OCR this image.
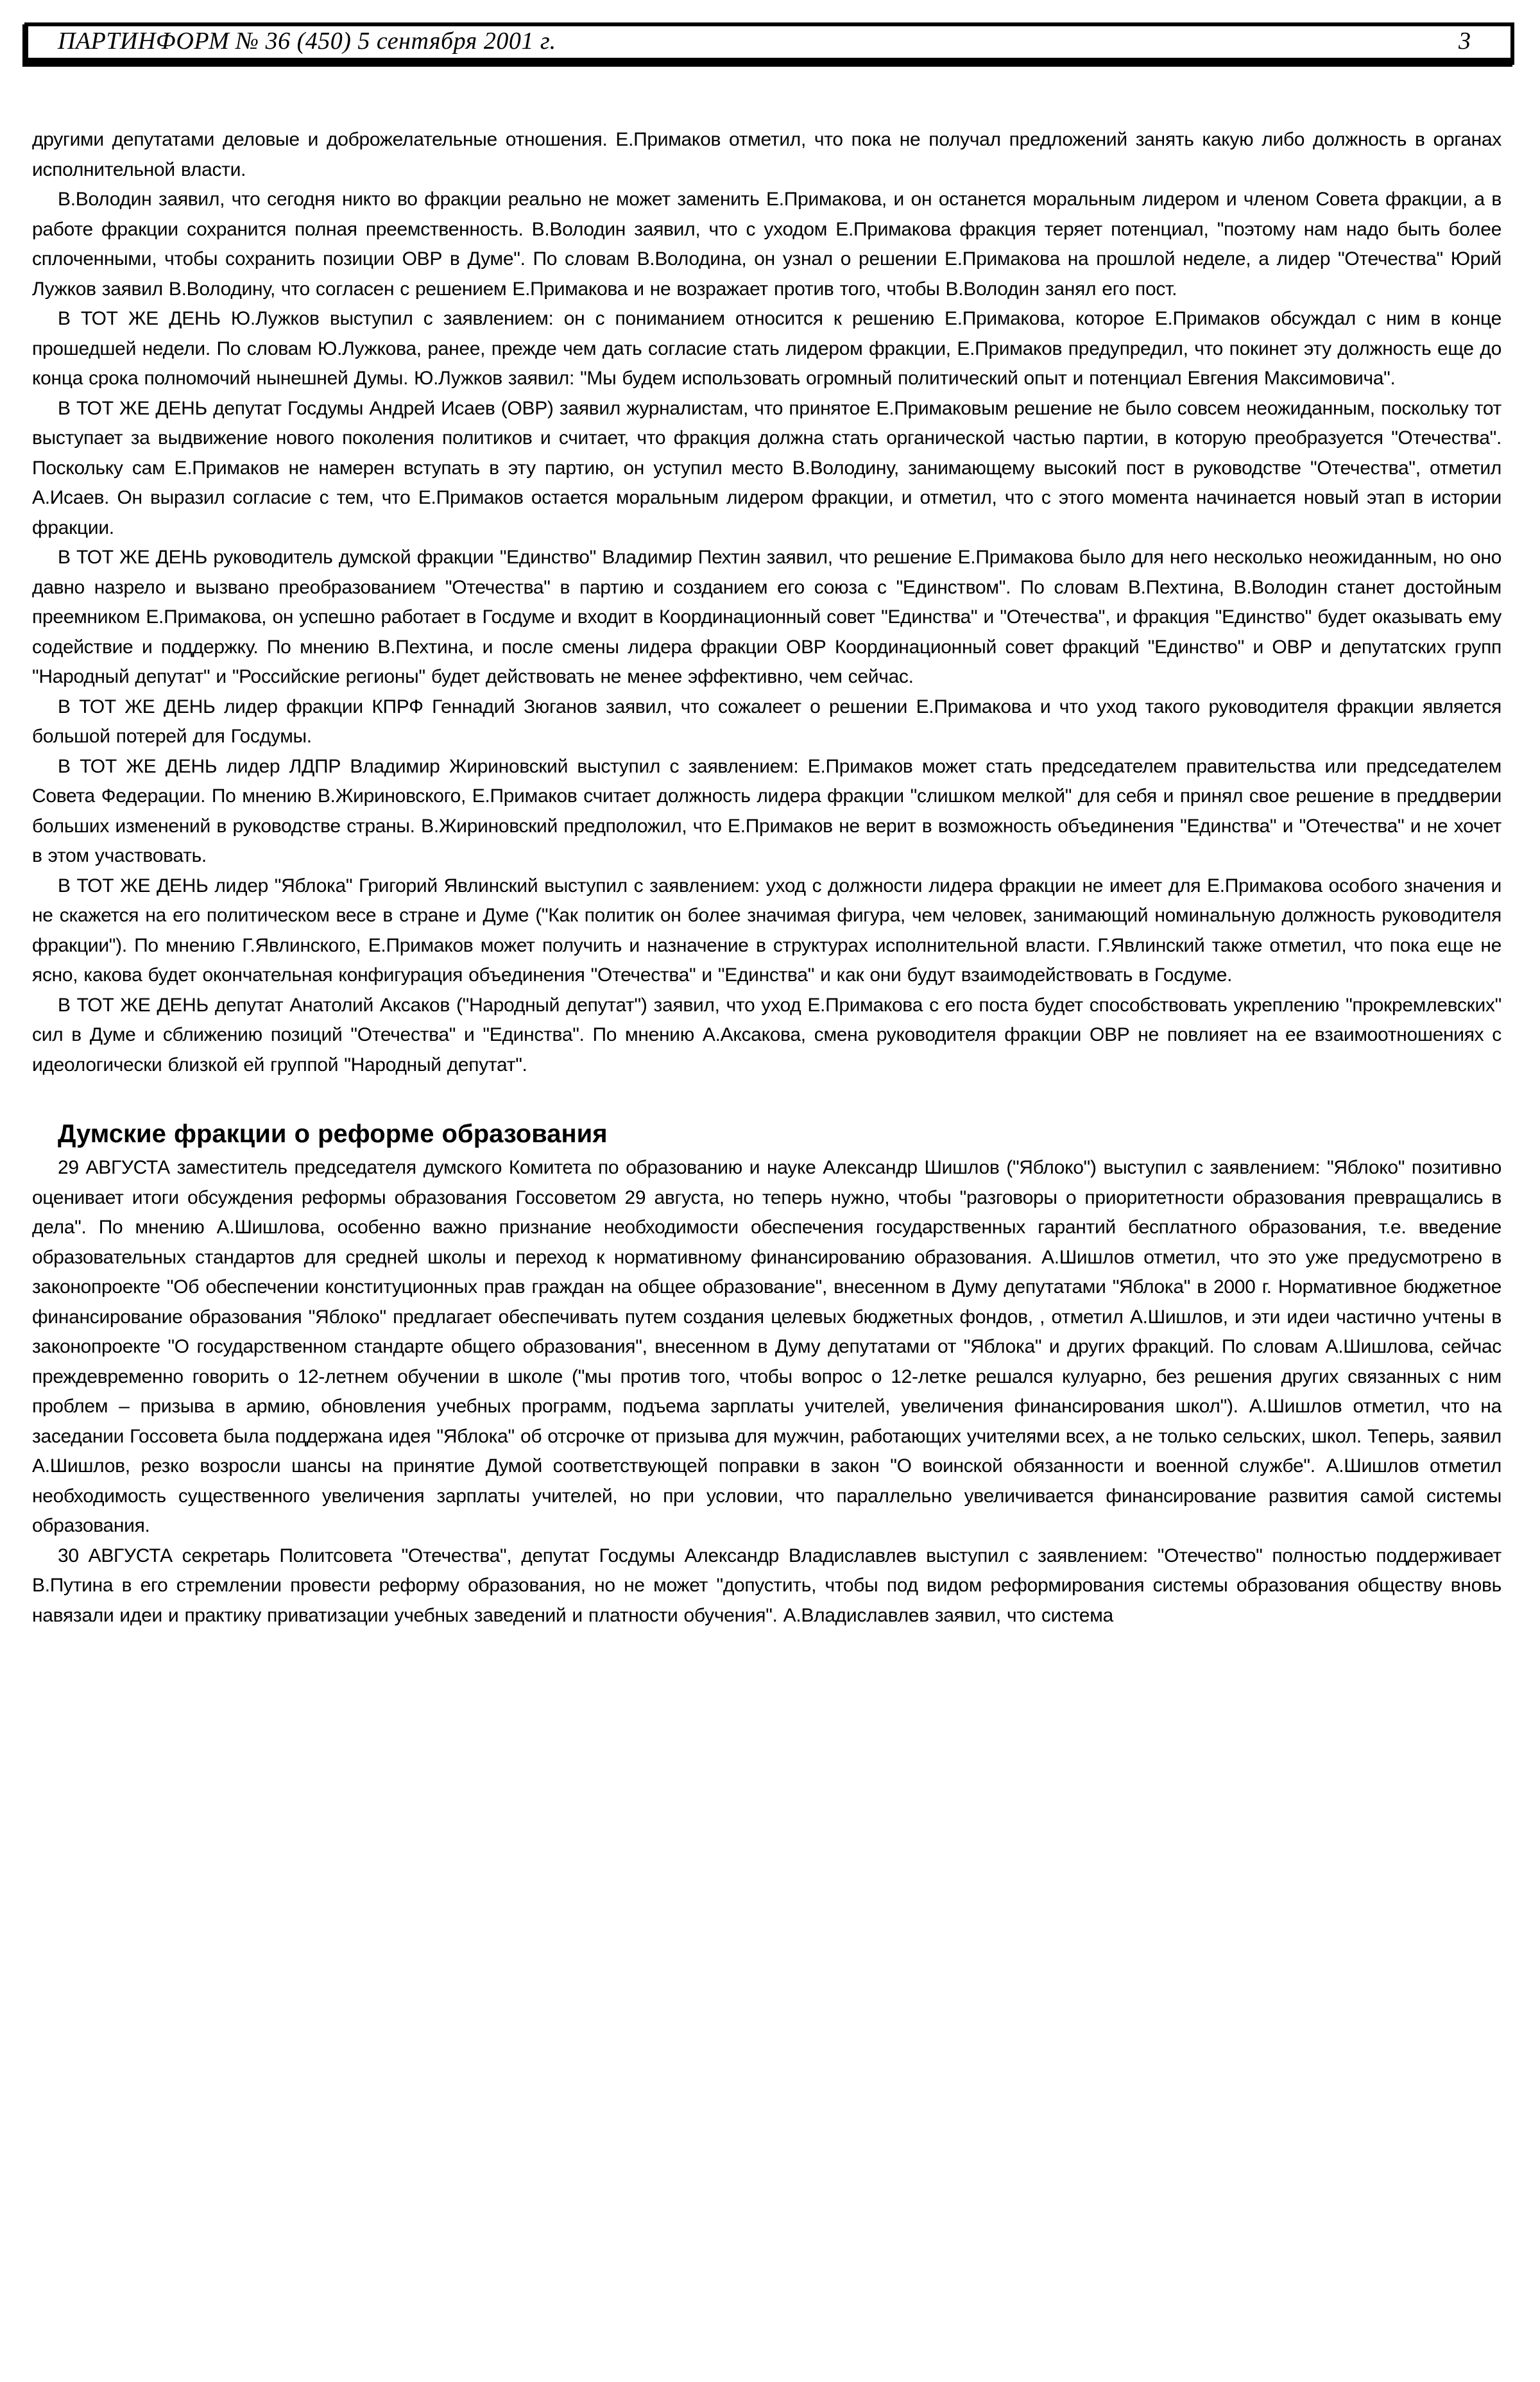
ПАРТИНФОРМ № 36 (450) 5 сентября 2001 г.	3

другими депутатами деловые и доброжелательные отношения. Е.Примаков отметил, что пока не получал предложений занять какую либо должность в органах исполнительной власти.

В.Володин заявил, что сегодня никто во фракции реально не может заменить Е.Примакова, и он останется моральным лидером и членом Совета фракции, а в работе фракции сохранится полная преемственность. В.Володин заявил, что с уходом Е.Примакова фракция теряет потенциал, "поэтому нам надо быть более сплоченными, чтобы сохранить позиции ОВР в Думе". По словам В.Володина, он узнал о решении Е.Примакова на прошлой неделе, а лидер "Отечества" Юрий Лужков заявил В.Володину, что согласен с решением Е.Примакова и не возражает против того, чтобы В.Володин занял его пост.

В ТОТ ЖЕ ДЕНЬ Ю.Лужков выступил с заявлением: он с пониманием относится к решению Е.Примакова, которое Е.Примаков обсуждал с ним в конце прошедшей недели. По словам Ю.Лужкова, ранее, прежде чем дать согласие стать лидером фракции, Е.Примаков предупредил, что покинет эту должность еще до конца срока полномочий нынешней Думы. Ю.Лужков заявил: "Мы будем использовать огромный политический опыт и потенциал Евгения Максимовича".

В ТОТ ЖЕ ДЕНЬ депутат Госдумы Андрей Исаев (ОВР) заявил журналистам, что принятое Е.Примаковым решение не было совсем неожиданным, поскольку тот выступает за выдвижение нового поколения политиков и считает, что фракция должна стать органической частью партии, в которую преобразуется "Отечества". Поскольку сам Е.Примаков не намерен вступать в эту партию, он уступил место В.Володину, занимающему высокий пост в руководстве "Отечества", отметил А.Исаев. Он выразил согласие с тем, что Е.Примаков остается моральным лидером фракции, и отметил, что с этого момента начинается новый этап в истории фракции.

В ТОТ ЖЕ ДЕНЬ руководитель думской фракции "Единство" Владимир Пехтин заявил, что решение Е.Примакова было для него несколько неожиданным, но оно давно назрело и вызвано преобразованием "Отечества" в партию и созданием его союза с "Единством". По словам В.Пехтина, В.Володин станет достойным преемником Е.Примакова, он успешно работает в Госдуме и входит в Координационный совет "Единства" и "Отечества", и фракция "Единство" будет оказывать ему содействие и поддержку. По мнению В.Пехтина, и после смены лидера фракции ОВР Координационный совет фракций "Единство" и ОВР и депутатских групп "Народный депутат" и "Российские регионы" будет действовать не менее эффективно, чем сейчас.

В ТОТ ЖЕ ДЕНЬ лидер фракции КПРФ Геннадий Зюганов заявил, что сожалеет о решении Е.Примакова и что уход такого руководителя фракции является большой потерей для Госдумы.

В ТОТ ЖЕ ДЕНЬ лидер ЛДПР Владимир Жириновский выступил с заявлением: Е.Примаков может стать председателем правительства или председателем Совета Федерации. По мнению В.Жириновского, Е.Примаков считает должность лидера фракции "слишком мелкой" для себя и принял свое решение в преддверии больших изменений в руководстве страны. В.Жириновский предположил, что Е.Примаков не верит в возможность объединения "Единства" и "Отечества" и не хочет в этом участвовать.

В ТОТ ЖЕ ДЕНЬ лидер "Яблока" Григорий Явлинский выступил с заявлением: уход с должности лидера фракции не имеет для Е.Примакова особого значения и не скажется на его политическом весе в стране и Думе ("Как политик он более значимая фигура, чем человек, занимающий номинальную должность руководителя фракции"). По мнению Г.Явлинского, Е.Примаков может получить и назначение в структурах исполнительной власти. Г.Явлинский также отметил, что пока еще не ясно, какова будет окончательная конфигурация объединения "Отечества" и "Единства" и как они будут взаимодействовать в Госдуме.

В ТОТ ЖЕ ДЕНЬ депутат Анатолий Аксаков ("Народный депутат") заявил, что уход Е.Примакова с его поста будет способствовать укреплению "прокремлевских" сил в Думе и сближению позиций "Отечества" и "Единства". По мнению А.Аксакова, смена руководителя фракции ОВР не повлияет на ее взаимоотношениях с идеологически близкой ей группой "Народный депутат".

Думские фракции о реформе образования

29 АВГУСТА заместитель председателя думского Комитета по образованию и науке Александр Шишлов ("Яблоко") выступил с заявлением: "Яблоко" позитивно оценивает итоги обсуждения реформы образования Госсоветом 29 августа, но теперь нужно, чтобы "разговоры о приоритетности образования превращались в дела". По мнению А.Шишлова, особенно важно признание необходимости обеспечения государственных гарантий бесплатного образования, т.е. введение образовательных стандартов для средней школы и переход к нормативному финансированию образования. А.Шишлов отметил, что это уже предусмотрено в законопроекте "Об обеспечении конституционных прав граждан на общее образование", внесенном в Думу депутатами "Яблока" в 2000 г. Нормативное бюджетное финансирование образования "Яблоко" предлагает обеспечивать путем создания целевых бюджетных фондов, , отметил А.Шишлов, и эти идеи частично учтены в законопроекте "О государственном стандарте общего образования", внесенном в Думу депутатами от "Яблока" и других фракций. По словам А.Шишлова, сейчас преждевременно говорить о 12-летнем обучении в школе ("мы против того, чтобы вопрос о 12-летке решался кулуарно, без решения других связанных с ним проблем – призыва в армию, обновления учебных программ, подъема зарплаты учителей, увеличения финансирования школ"). А.Шишлов отметил, что на заседании Госсовета была поддержана идея "Яблока" об отсрочке от призыва для мужчин, работающих учителями всех, а не только сельских, школ. Теперь, заявил А.Шишлов, резко возросли шансы на принятие Думой соответствующей поправки в закон "О воинской обязанности и военной службе". А.Шишлов отметил необходимость существенного увеличения зарплаты учителей, но при условии, что параллельно увеличивается финансирование развития самой системы образования.

30 АВГУСТА секретарь Политсовета "Отечества", депутат Госдумы Александр Владиславлев выступил с заявлением: "Отечество" полностью поддерживает В.Путина в его стремлении провести реформу образования, но не может "допустить, чтобы под видом реформирования системы образования обществу вновь навязали идеи и практику приватизации учебных заведений и платности обучения". А.Владиславлев заявил, что система
